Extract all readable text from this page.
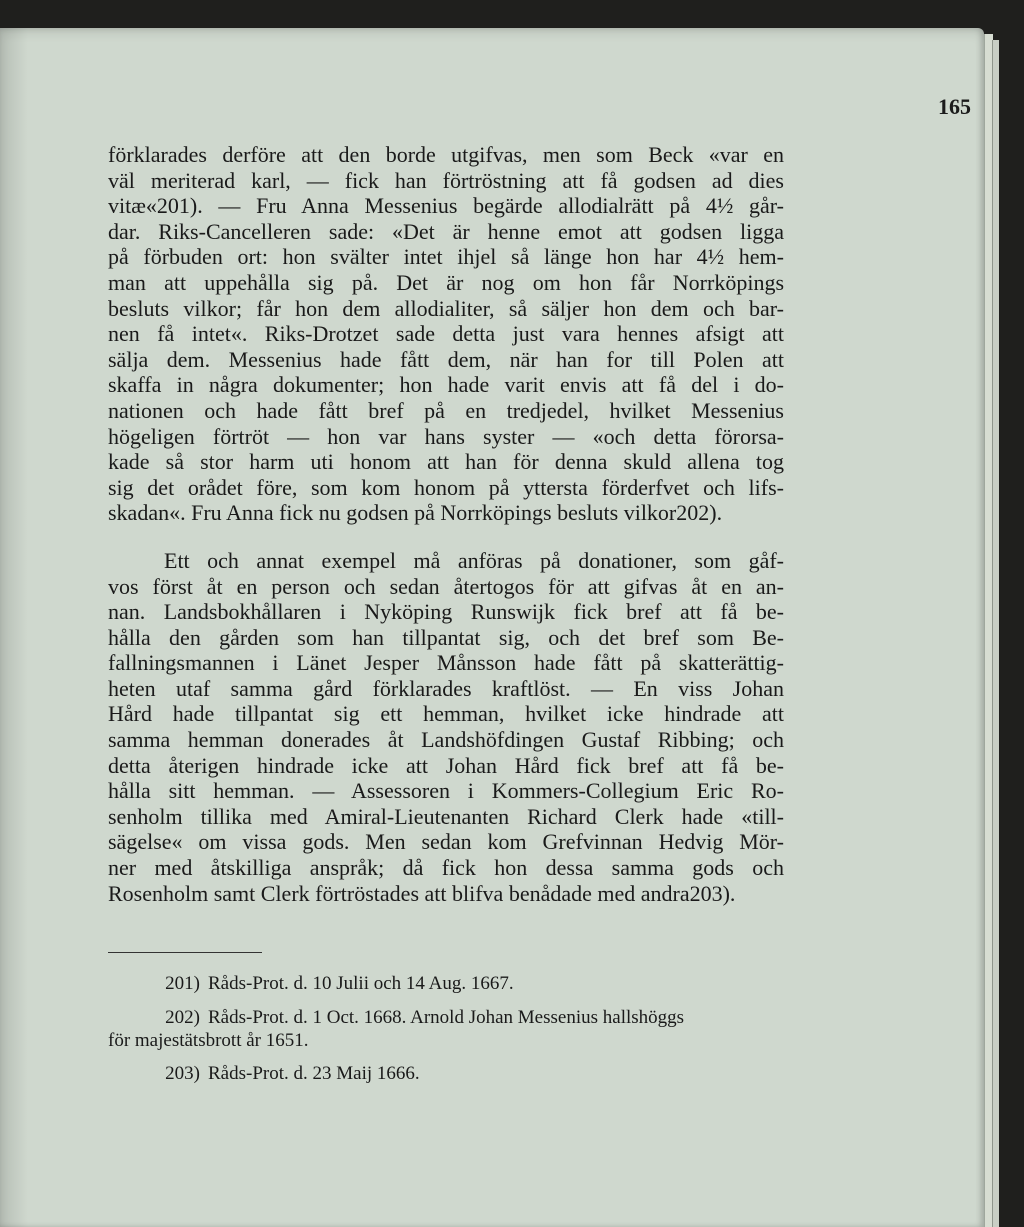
165

förklarades derföre att den borde utgifvas, men som Beck «var en
väl meriterad karl, — fick han förtröstning att få godsen ad dies
vitæ«201). — Fru Anna Messenius begärde allodialrätt på 4½ går-
dar. Riks-Cancelleren sade: «Det är henne emot att godsen ligga
på förbuden ort: hon svälter intet ihjel så länge hon har 4½ hem-
man att uppehålla sig på. Det är nog om hon får Norrköpings
besluts vilkor; får hon dem allodialiter, så säljer hon dem och bar-
nen få intet«. Riks-Drotzet sade detta just vara hennes afsigt att
sälja dem. Messenius hade fått dem, när han for till Polen att
skaffa in några dokumenter; hon hade varit envis att få del i do-
nationen och hade fått bref på en tredjedel, hvilket Messenius
högeligen förtröt — hon var hans syster — «och detta förorsa-
kade så stor harm uti honom att han för denna skuld allena tog
sig det orådet före, som kom honom på yttersta förderfvet och lifs-
skadan«. Fru Anna fick nu godsen på Norrköpings besluts vilkor202).

Ett och annat exempel må anföras på donationer, som gåf-
vos först åt en person och sedan återtogos för att gifvas åt en an-
nan. Landsbokhållaren i Nyköping Runswijk fick bref att få be-
hålla den gården som han tillpantat sig, och det bref som Be-
fallningsmannen i Länet Jesper Månsson hade fått på skatterättig-
heten utaf samma gård förklarades kraftlöst. — En viss Johan
Hård hade tillpantat sig ett hemman, hvilket icke hindrade att
samma hemman donerades åt Landshöfdingen Gustaf Ribbing; och
detta återigen hindrade icke att Johan Hård fick bref att få be-
hålla sitt hemman. — Assessoren i Kommers-Collegium Eric Ro-
senholm tillika med Amiral-Lieutenanten Richard Clerk hade «till-
sägelse« om vissa gods. Men sedan kom Grefvinnan Hedvig Mör-
ner med åtskilliga anspråk; då fick hon dessa samma gods och
Rosenholm samt Clerk förtröstades att blifva benådade med andra203).

201) Råds-Prot. d. 10 Julii och 14 Aug. 1667.
202) Råds-Prot. d. 1 Oct. 1668. Arnold Johan Messenius hallshöggs
för majestätsbrott år 1651.
203) Råds-Prot. d. 23 Maij 1666.
